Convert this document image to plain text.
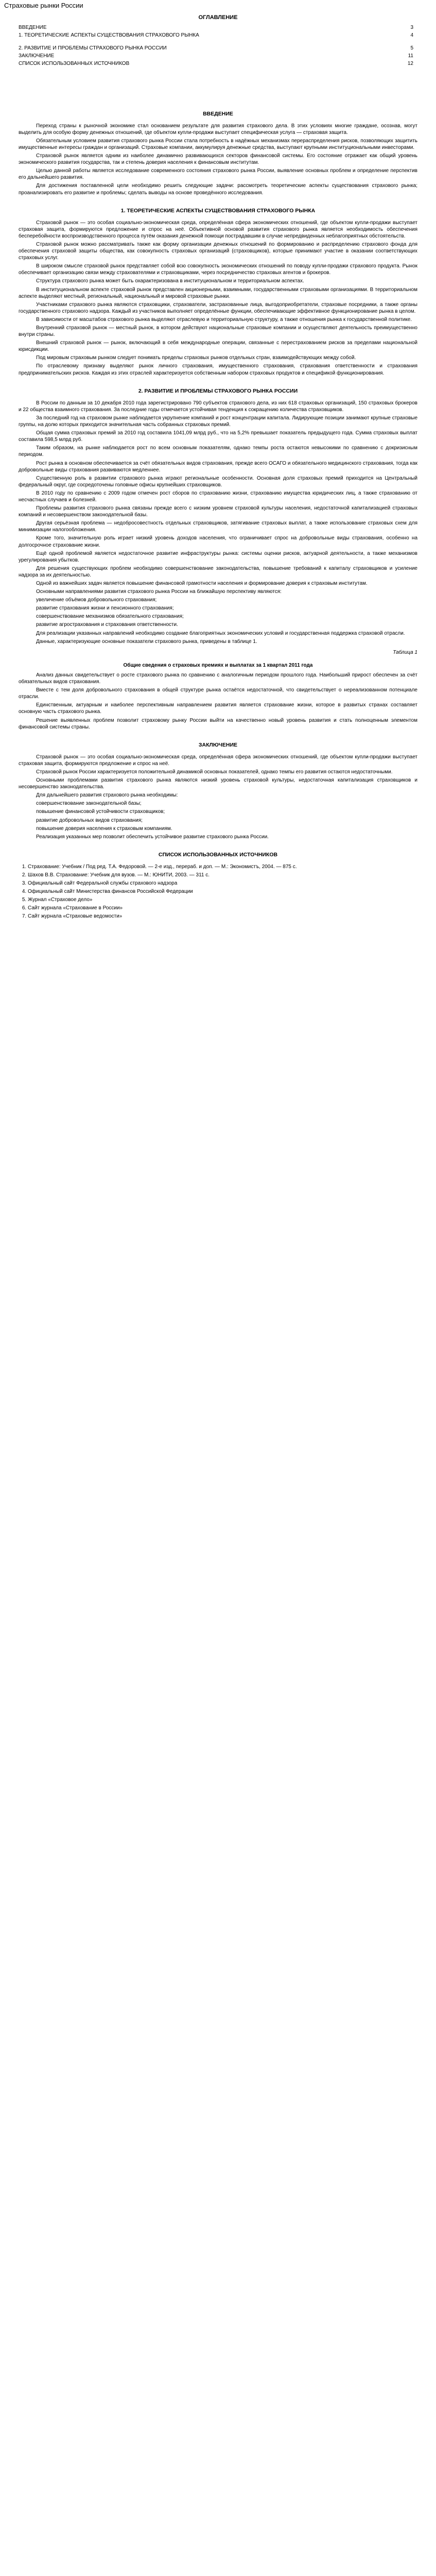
Страховые рынки России
ОГЛАВЛЕНИЕ
ВВЕДЕНИЕ	3
1. ТЕОРЕТИЧЕСКИЕ АСПЕКТЫ СУЩЕСТВОВАНИЯ СТРАХОВОГО РЫНКА	4
2. РАЗВИТИЕ И ПРОБЛЕМЫ СТРАХОВОГО РЫНКА РОССИИ	5
ЗАКЛЮЧЕНИЕ	11
СПИСОК ИСПОЛЬЗОВАННЫХ ИСТОЧНИКОВ	12
ВВЕДЕНИЕ

Переход страны к рыночной экономике стал основанием результате для развития страхового дела. В этих условиях многие граждане, осознав, могут выделить для особую форму денежных отношений, где объектом купли-продажи выступает специфическая услуга — страховая защита.

Обязательным условием развития страхового рынка России стала потребность в надёжных механизмах перераспределения рисков, позволяющих защитить имущественные интересы граждан и организаций. Страховые компании, аккумулируя денежные средства, выступают крупными институциональными инвесторами.

Страховой рынок является одним из наиболее динамично развивающихся секторов финансовой системы. Его состояние отражает как общий уровень экономического развития государства, так и степень доверия населения к финансовым институтам.

Целью данной работы является исследование современного состояния страхового рынка России, выявление основных проблем и определение перспектив его дальнейшего развития.

Для достижения поставленной цели необходимо решить следующие задачи: рассмотреть теоретические аспекты существования страхового рынка; проанализировать его развитие и проблемы; сделать выводы на основе проведённого исследования.

1. ТЕОРЕТИЧЕСКИЕ АСПЕКТЫ СУЩЕСТВОВАНИЯ СТРАХОВОГО РЫНКА

Страховой рынок — это особая социально-экономическая среда, определённая сфера экономических отношений, где объектом купли-продажи выступает страховая защита, формируются предложение и спрос на неё. Объективной основой развития страхового рынка является необходимость обеспечения бесперебойности воспроизводственного процесса путём оказания денежной помощи пострадавшим в случае непредвиденных неблагоприятных обстоятельств.

Страховой рынок можно рассматривать также как форму организации денежных отношений по формированию и распределению страхового фонда для обеспечения страховой защиты общества, как совокупность страховых организаций (страховщиков), которые принимают участие в оказании соответствующих страховых услуг.

В широком смысле страховой рынок представляет собой всю совокупность экономических отношений по поводу купли-продажи страхового продукта. Рынок обеспечивает организацию связи между страхователями и страховщиками, через посредничество страховых агентов и брокеров.

Структура страхового рынка может быть охарактеризована в институциональном и территориальном аспектах.

В институциональном аспекте страховой рынок представлен акционерными, взаимными, государственными страховыми организациями. В территориальном аспекте выделяют местный, региональный, национальный и мировой страховые рынки.

Участниками страхового рынка являются страховщики, страхователи, застрахованные лица, выгодоприобретатели, страховые посредники, а также органы государственного страхового надзора. Каждый из участников выполняет определённые функции, обеспечивающие эффективное функционирование рынка в целом.

В зависимости от масштабов страхового рынка выделяют отраслевую и территориальную структуру, а также отношения рынка к государственной политике.

Внутренний страховой рынок — местный рынок, в котором действуют национальные страховые компании и осуществляют деятельность преимущественно внутри страны.

Внешний страховой рынок — рынок, включающий в себя международные операции, связанные с перестрахованием рисков за пределами национальной юрисдикции.

Под мировым страховым рынком следует понимать пределы страховых рынков отдельных стран, взаимодействующих между собой.

По отраслевому признаку выделяют рынок личного страхования, имущественного страхования, страхования ответственности и страхования предпринимательских рисков. Каждая из этих отраслей характеризуется собственным набором страховых продуктов и спецификой функционирования.

2. РАЗВИТИЕ И ПРОБЛЕМЫ СТРАХОВОГО РЫНКА РОССИИ

В России по данным за 10 декабря 2010 года зарегистрировано 790 субъектов страхового дела, из них 618 страховых организаций, 150 страховых брокеров и 22 общества взаимного страхования. За последние годы отмечается устойчивая тенденция к сокращению количества страховщиков.

За последний год на страховом рынке наблюдается укрупнение компаний и рост концентрации капитала. Лидирующие позиции занимают крупные страховые группы, на долю которых приходится значительная часть собранных страховых премий.

Общая сумма страховых премий за 2010 год составила 1041,09 млрд руб., что на 5,2% превышает показатель предыдущего года. Сумма страховых выплат составила 598,5 млрд руб.

Таким образом, на рынке наблюдается рост по всем основным показателям, однако темпы роста остаются невысокими по сравнению с докризисным периодом.

Рост рынка в основном обеспечивается за счёт обязательных видов страхования, прежде всего ОСАГО и обязательного медицинского страхования, тогда как добровольные виды страхования развиваются медленнее.

Существенную роль в развитии страхового рынка играют региональные особенности. Основная доля страховых премий приходится на Центральный федеральный округ, где сосредоточены головные офисы крупнейших страховщиков.

В 2010 году по сравнению с 2009 годом отмечен рост сборов по страхованию жизни, страхованию имущества юридических лиц, а также страхованию от несчастных случаев и болезней.

Проблемы развития страхового рынка связаны прежде всего с низким уровнем страховой культуры населения, недостаточной капитализацией страховых компаний и несовершенством законодательной базы.

Другая серьёзная проблема — недобросовестность отдельных страховщиков, затягивание страховых выплат, а также использование страховых схем для минимизации налогообложения.

Кроме того, значительную роль играет низкий уровень доходов населения, что ограничивает спрос на добровольные виды страхования, особенно на долгосрочное страхование жизни.

Ещё одной проблемой является недостаточное развитие инфраструктуры рынка: системы оценки рисков, актуарной деятельности, а также механизмов урегулирования убытков.

Для решения существующих проблем необходимо совершенствование законодательства, повышение требований к капиталу страховщиков и усиление надзора за их деятельностью.

Одной из важнейших задач является повышение финансовой грамотности населения и формирование доверия к страховым институтам.

Основными направлениями развития страхового рынка России на ближайшую перспективу являются:

увеличение объёмов добровольного страхования;

развитие страхования жизни и пенсионного страхования;

совершенствование механизмов обязательного страхования;

развитие агрострахования и страхования ответственности.

Для реализации указанных направлений необходимо создание благоприятных экономических условий и государственная поддержка страховой отрасли.

Данные, характеризующие основные показатели страхового рынка, приведены в таблице 1.

Таблица 1
Общие сведения о страховых премиях и выплатах за 1 квартал 2011 года

Анализ данных свидетельствует о росте страхового рынка по сравнению с аналогичным периодом прошлого года. Наибольший прирост обеспечен за счёт обязательных видов страхования.

Вместе с тем доля добровольного страхования в общей структуре рынка остаётся недостаточной, что свидетельствует о нереализованном потенциале отрасли.

Единственным, актуарным и наиболее перспективным направлением развития является страхование жизни, которое в развитых странах составляет основную часть страхового рынка.

Решение выявленных проблем позволит страховому рынку России выйти на качественно новый уровень развития и стать полноценным элементом финансовой системы страны.

ЗАКЛЮЧЕНИЕ

Страховой рынок — это особая социально-экономическая среда, определённая сфера экономических отношений, где объектом купли-продажи выступает страховая защита, формируются предложение и спрос на неё.

Страховой рынок России характеризуется положительной динамикой основных показателей, однако темпы его развития остаются недостаточными.

Основными проблемами развития страхового рынка являются низкий уровень страховой культуры, недостаточная капитализация страховщиков и несовершенство законодательства.

Для дальнейшего развития страхового рынка необходимы:

совершенствование законодательной базы;

повышение финансовой устойчивости страховщиков;

развитие добровольных видов страхования;

повышение доверия населения к страховым компаниям.

Реализация указанных мер позволит обеспечить устойчивое развитие страхового рынка России.

СПИСОК ИСПОЛЬЗОВАННЫХ ИСТОЧНИКОВ
1. Страхование: Учебник / Под ред. Т.А. Федоровой. — 2-е изд., перераб. и доп. — М.: Экономистъ, 2004. — 875 с.
2. Шахов В.В. Страхование: Учебник для вузов. — М.: ЮНИТИ, 2003. — 311 с.
3. Официальный сайт Федеральной службы страхового надзора
4. Официальный сайт Министерства финансов Российской Федерации
5. Журнал «Страховое дело»
6. Сайт журнала «Страхование в России»
7. Сайт журнала «Страховые ведомости»
